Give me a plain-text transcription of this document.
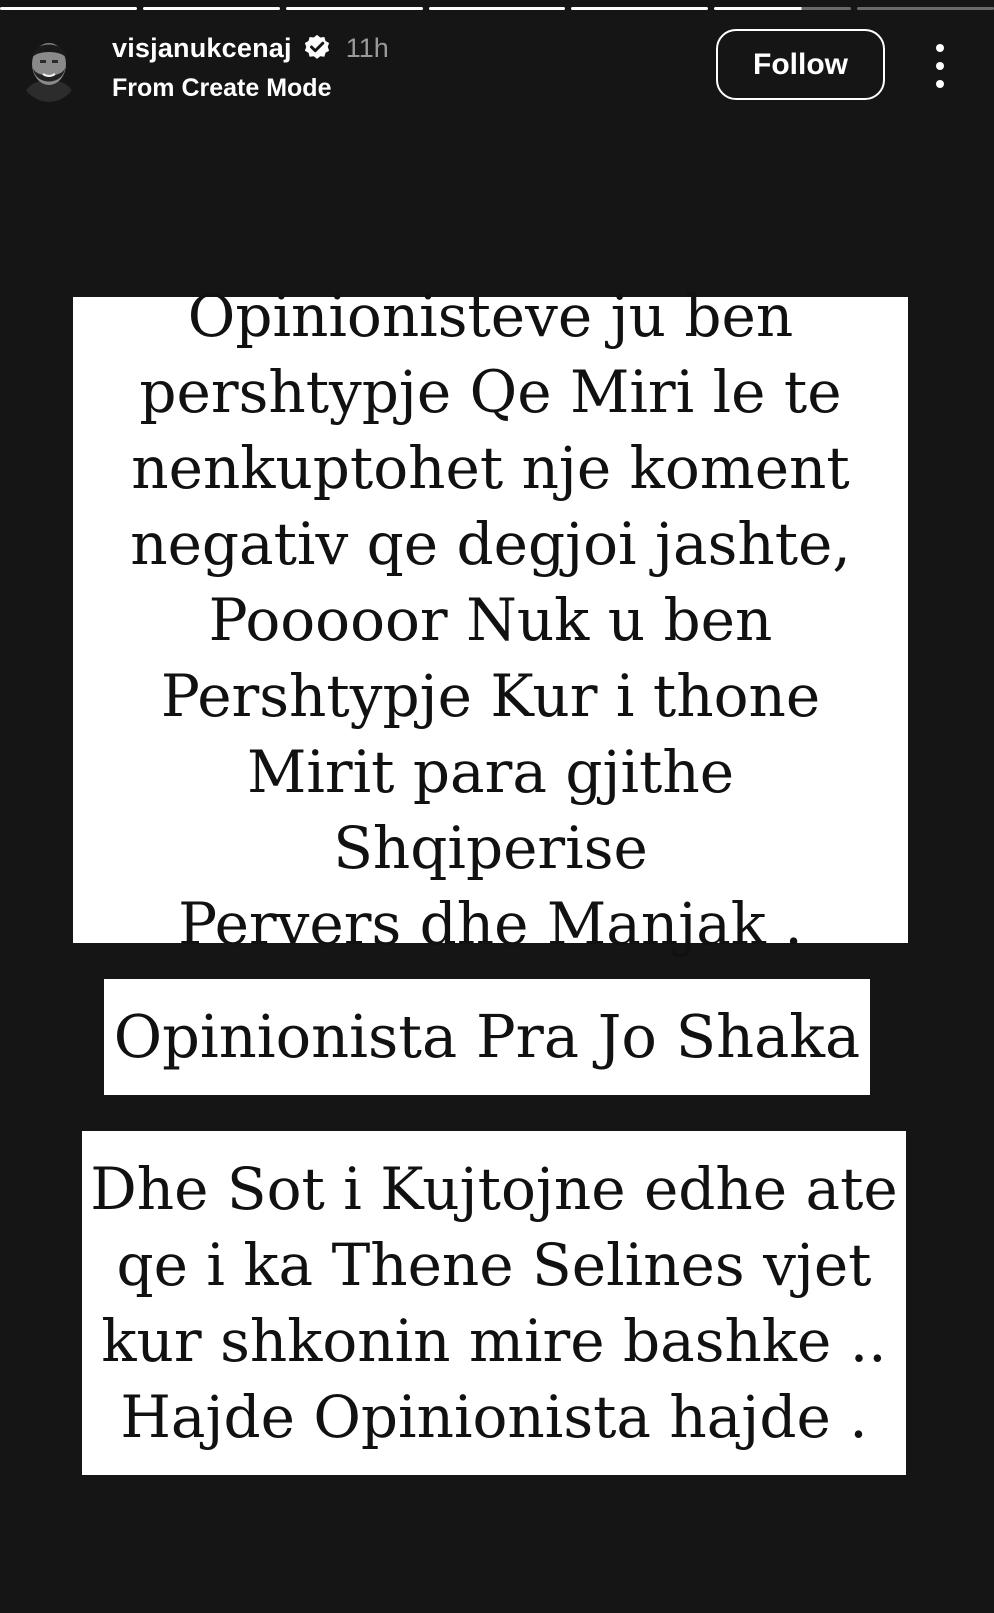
visjanukcenaj 11h
From Create Mode
Follow
Opinionisteve ju ben
pershtypje Qe Miri le te
nenkuptohet nje koment
negativ qe degjoi jashte,
Pooooor Nuk u ben
Pershtypje Kur i thone
Mirit para gjithe Shqiperise
Pervers dhe Manjak .
Opinionista Pra Jo Shaka
Dhe Sot i Kujtojne edhe ate
qe i ka Thene Selines vjet
kur shkonin mire bashke ..
Hajde Opinionista hajde .
